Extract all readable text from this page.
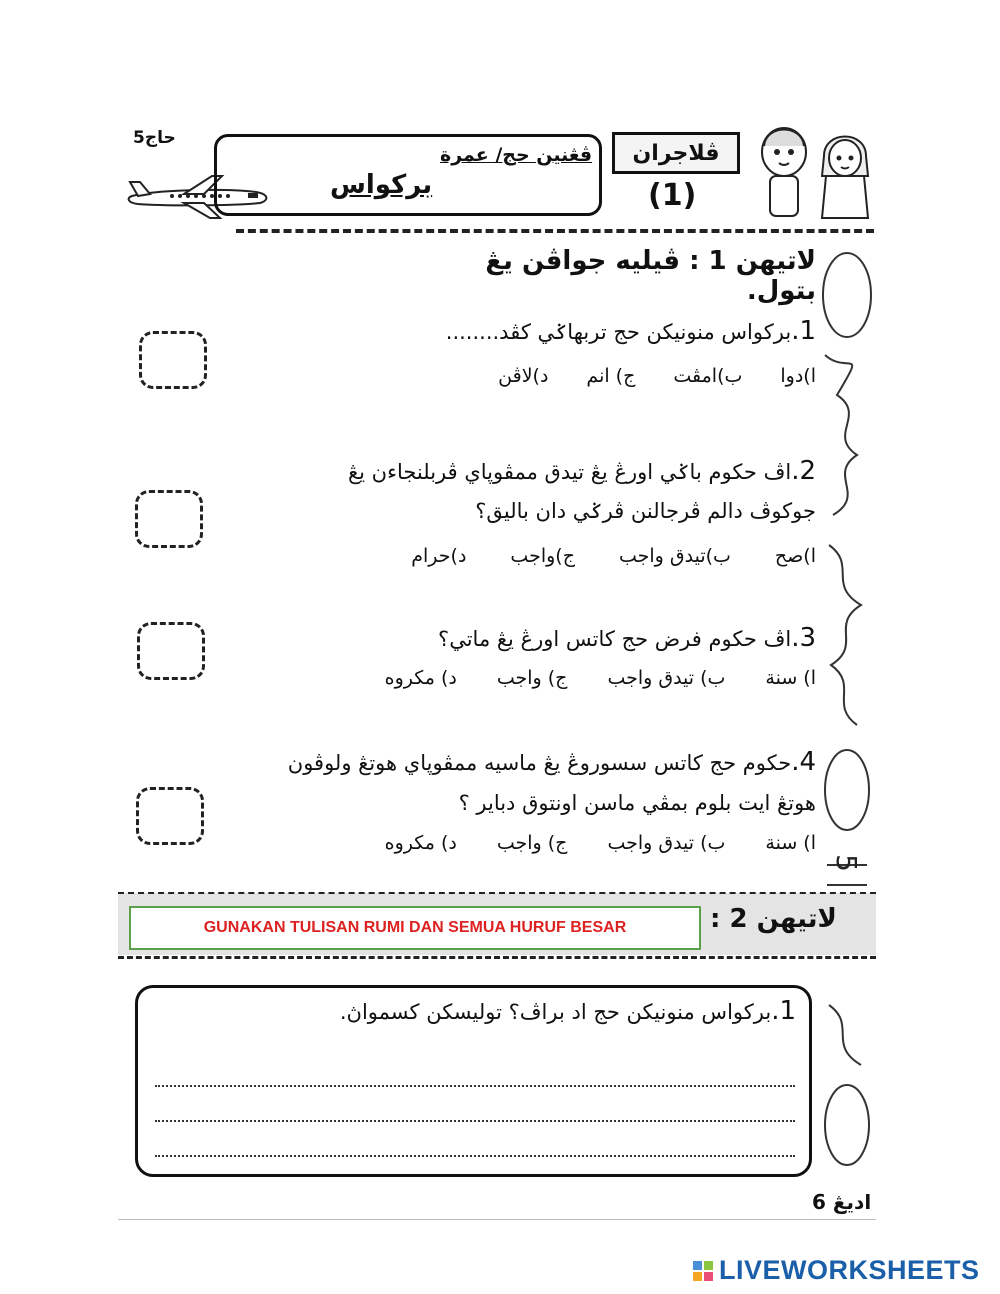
حاج5
ڤڠنين حج/ عمرة
بركواس
ڤلاجران
(1)
5
لاتيهن 1 : ڤيليه جواڤن يڠ بتول.
1.بركواس منونيكن حج تربهاݢي كڤد........
ا)دوا
ب)امڤت
ج) انم
د)لاڤن
2.اڤ حكوم باݢي اورڠ يڠ تيدق ممڤوڽاي ڤربلنجاءن يڠ
جوكوڤ دالم ڤرجالنن ڤرݢي دان باليق؟
ا)صح
ب)تيدق واجب
ج)واجب
د)حرام
3.اڤ حكوم فرض حج كاتس اورڠ يڠ ماتي؟
ا) سنة
ب) تيدق واجب
ج) واجب
د) مكروه
4.حكوم حج كاتس سسوروڠ يڠ ماسيه ممڤوڽاي هوتڠ ولوڤون
هوتڠ ايت بلوم بمڤي ماسن اونتوق دباير ؟
ا) سنة
ب) تيدق واجب
ج) واجب
د) مكروه
GUNAKAN TULISAN RUMI DAN SEMUA HURUF BESAR	لاتيهن 2 :
1.بركواس منونيكن حج اد براڤ؟ توليسكن كسمواڽ.
اديڠ 6
LIVEWORKSHEETS
